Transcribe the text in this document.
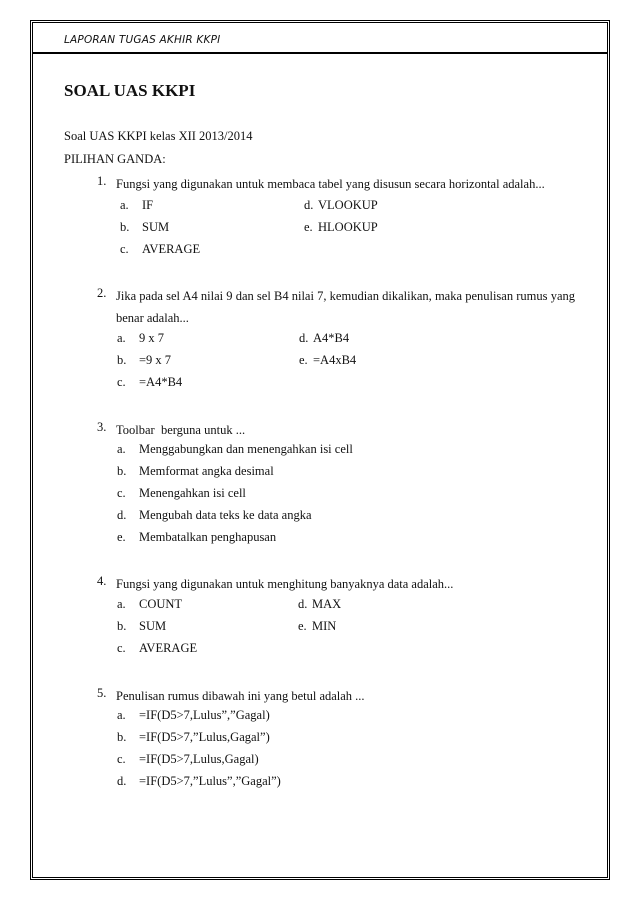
LAPORAN TUGAS AKHIR KKPI
SOAL UAS KKPI
Soal UAS KKPI kelas XII 2013/2014
PILIHAN GANDA:
1. Fungsi yang digunakan untuk membaca tabel yang disusun secara horizontal adalah...
a. IF	d. VLOOKUP
b. SUM	e. HLOOKUP
c. AVERAGE
2. Jika pada sel A4 nilai 9 dan sel B4 nilai 7, kemudian dikalikan, maka penulisan rumus yang benar adalah...
a. 9 x 7	d. A4*B4
b. =9 x 7	e. =A4xB4
c. =A4*B4
3. Toolbar  berguna untuk ...
a. Menggabungkan dan menengahkan isi cell
b. Memformat angka desimal
c. Menengahkan isi cell
d. Mengubah data teks ke data angka
e. Membatalkan penghapusan
4. Fungsi yang digunakan untuk menghitung banyaknya data adalah...
a. COUNT	d. MAX
b. SUM	e. MIN
c. AVERAGE
5. Penulisan rumus dibawah ini yang betul adalah ...
a. =IF(D5>7,Lulus”,”Gagal)
b. =IF(D5>7,”Lulus,Gagal”)
c. =IF(D5>7,Lulus,Gagal)
d. =IF(D5>7,”Lulus”,”Gagal”)
